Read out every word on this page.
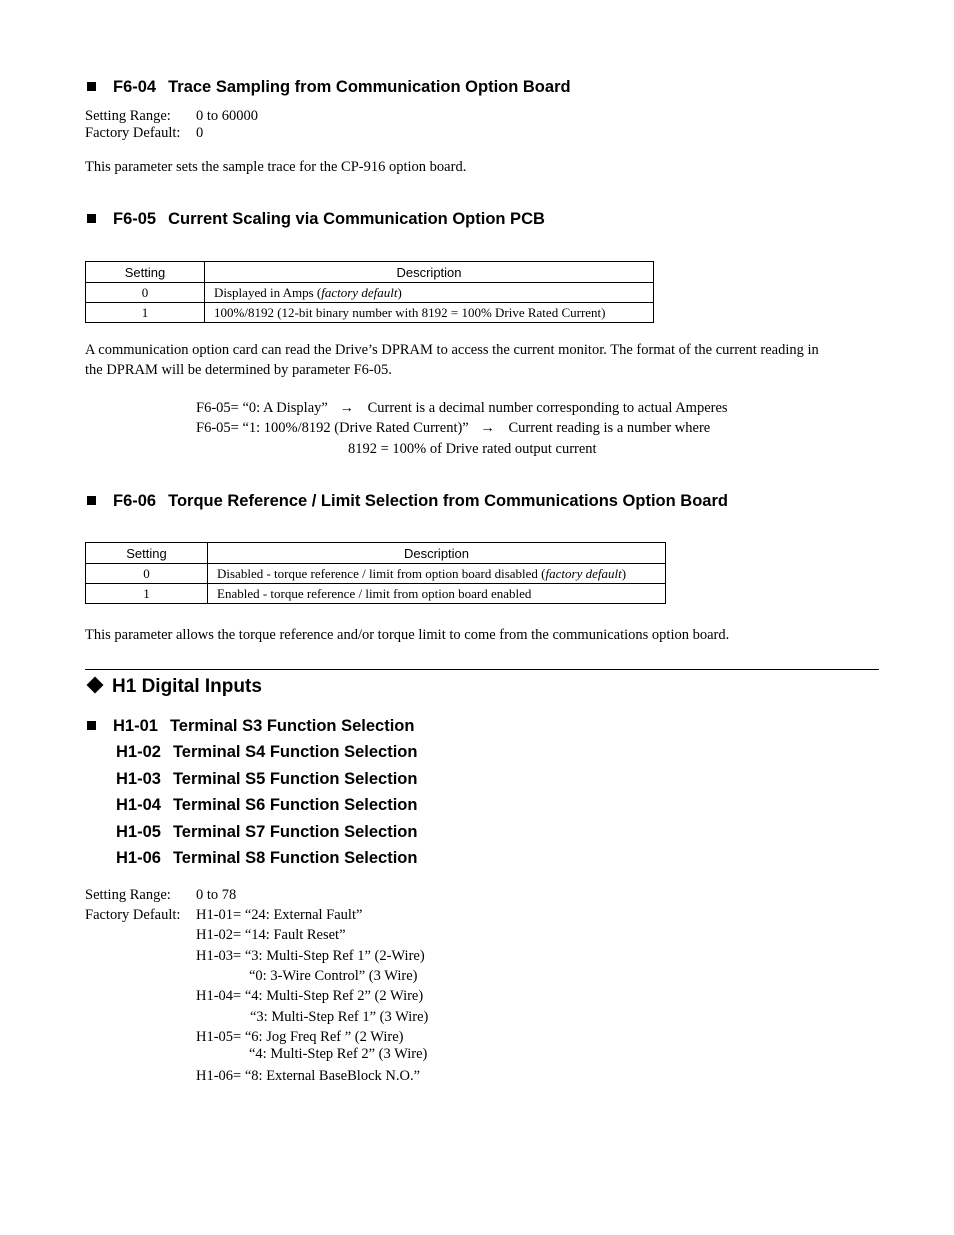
F6-04 Trace Sampling from Communication Option Board
Setting Range: 0 to 60000
Factory Default: 0
This parameter sets the sample trace for the CP-916 option board.
F6-05 Current Scaling via Communication Option PCB
Setting	Description
0	Displayed in Amps (factory default)
1	100%/8192 (12-bit binary number with 8192 = 100% Drive Rated Current)
A communication option card can read the Drive’s DPRAM to access the current monitor. The format of the current reading in
the DPRAM will be determined by parameter F6-05.
F6-05= “0: A Display” → Current is a decimal number corresponding to actual Amperes
F6-05= “1: 100%/8192 (Drive Rated Current)” → Current reading is a number where
8192 = 100% of Drive rated output current
F6-06 Torque Reference / Limit Selection from Communications Option Board
Setting	Description
0	Disabled - torque reference / limit from option board disabled (factory default)
1	Enabled - torque reference / limit from option board enabled
This parameter allows the torque reference and/or torque limit to come from the communications option board.
H1 Digital Inputs
H1-01 Terminal S3 Function Selection
H1-02 Terminal S4 Function Selection
H1-03 Terminal S5 Function Selection
H1-04 Terminal S6 Function Selection
H1-05 Terminal S7 Function Selection
H1-06 Terminal S8 Function Selection
Setting Range: 0 to 78
Factory Default: H1-01= “24: External Fault”
H1-02= “14: Fault Reset”
H1-03= “3: Multi-Step Ref 1” (2-Wire)
“0: 3-Wire Control” (3 Wire)
H1-04= “4: Multi-Step Ref 2” (2 Wire)
“3: Multi-Step Ref 1” (3 Wire)
H1-05= “6: Jog Freq Ref ” (2 Wire)
“4: Multi-Step Ref 2” (3 Wire)
H1-06= “8: External BaseBlock N.O.”
